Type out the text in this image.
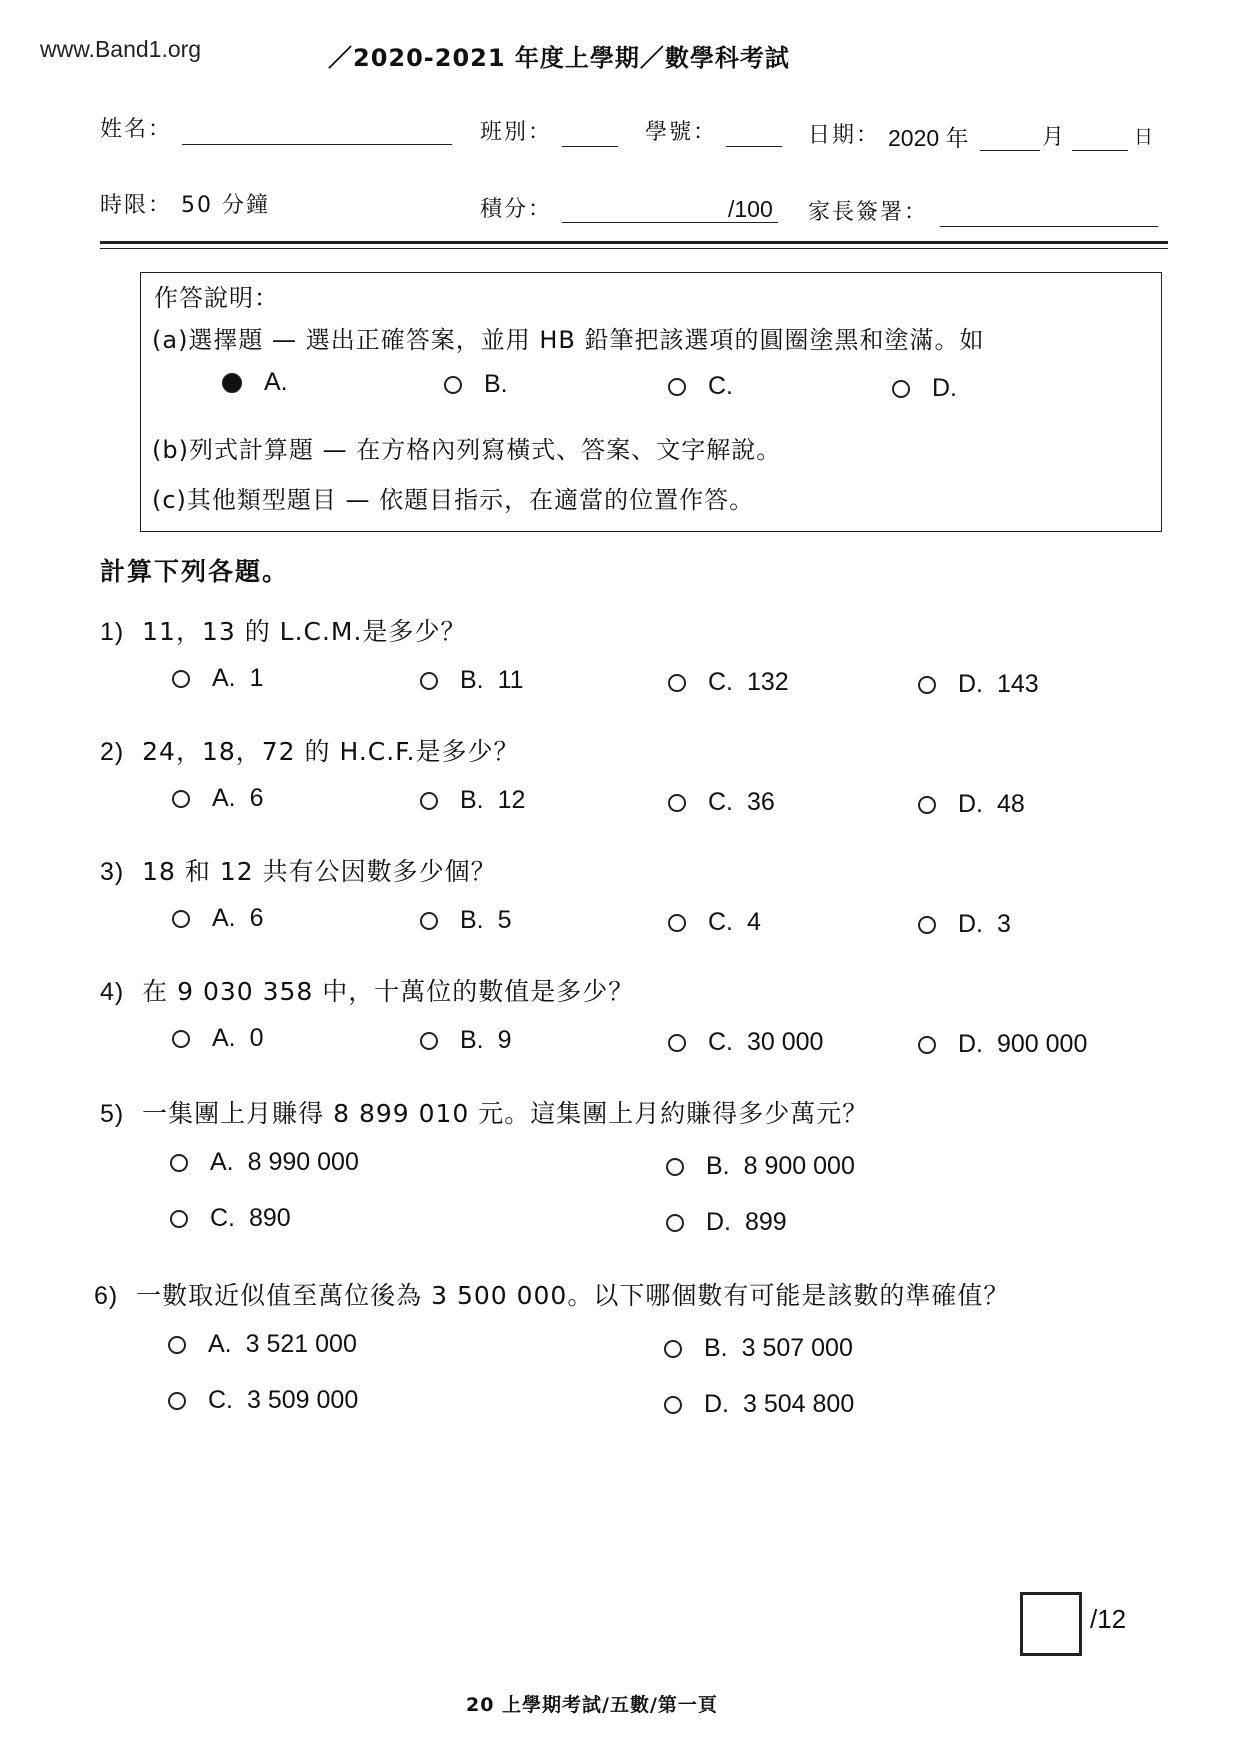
www.Band1.org	／2020-2021 年度上學期／數學科考試
姓名：	班別：	學號：	日期： 2020 年	月	日
時限： 50 分鐘	積分：	/100 家長簽署：
作答說明：
(a)選擇題 — 選出正確答案，並用 HB 鉛筆把該選項的圓圈塗黑和塗滿。如
A.	B.	C.	D.
(b)列式計算題 — 在方格內列寫橫式、答案、文字解說。
(c)其他類型題目 — 依題目指示，在適當的位置作答。
計算下列各題。
1) 11，13 的 L.C.M.是多少？
A. 1	B. 11	C. 132	D. 143
2) 24，18，72 的 H.C.F.是多少？
A. 6	B. 12	C. 36	D. 48
3) 18 和 12 共有公因數多少個？
A. 6	B. 5	C. 4	D. 3
4) 在 9 030 358 中，十萬位的數值是多少？
A. 0	B. 9	C. 30 000	D. 900 000
5) 一集團上月賺得 8 899 010 元。這集團上月約賺得多少萬元？
A. 8 990 000	B. 8 900 000
C. 890	D. 899
6) 一數取近似值至萬位後為 3 500 000。以下哪個數有可能是該數的準確值？
A. 3 521 000	B. 3 507 000
C. 3 509 000	D. 3 504 800
/12
20 上學期考試/五數/第一頁
